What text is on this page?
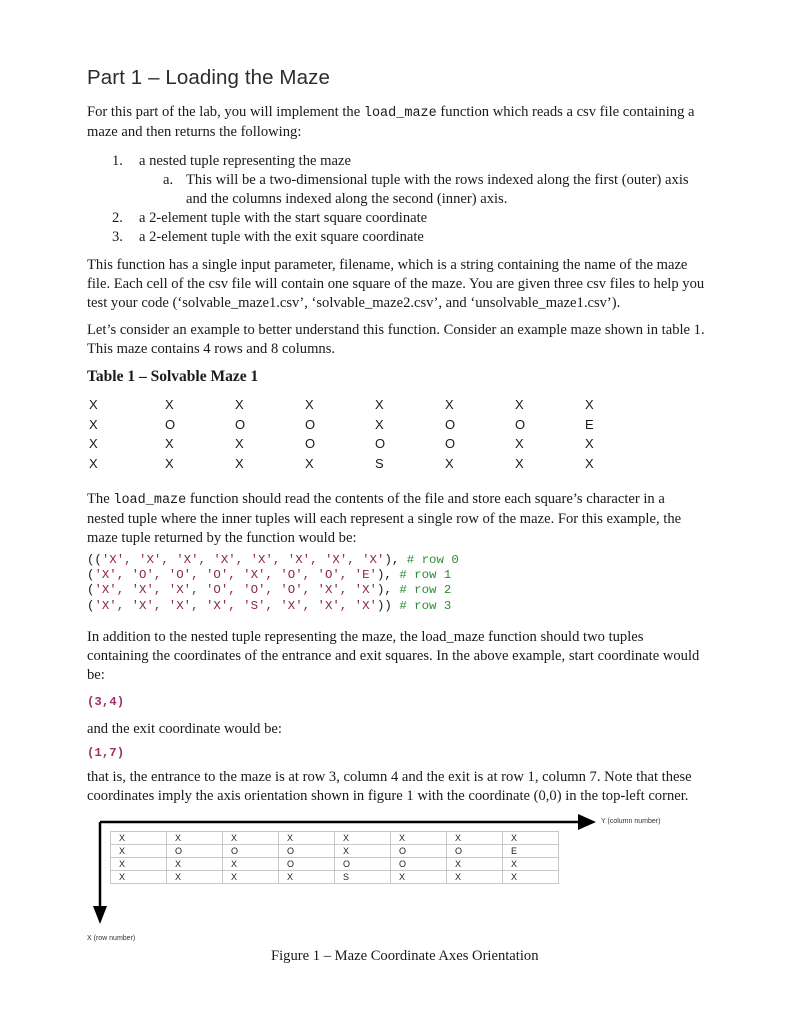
Part 1 – Loading the Maze
For this part of the lab, you will implement the load_maze function which reads a csv file containing a
maze and then returns the following:
1. a nested tuple representing the maze
a. This will be a two-dimensional tuple with the rows indexed along the first (outer) axis
and the columns indexed along the second (inner) axis.
2. a 2-element tuple with the start square coordinate
3. a 2-element tuple with the exit square coordinate
This function has a single input parameter, filename, which is a string containing the name of the maze
file. Each cell of the csv file will contain one square of the maze. You are given three csv files to help you
test your code (‘solvable_maze1.csv’, ‘solvable_maze2.csv’, and ‘unsolvable_maze1.csv’).
Let’s consider an example to better understand this function. Consider an example maze shown in table 1.
This maze contains 4 rows and 8 columns.
Table 1 – Solvable Maze 1
X	X	X	X	X	X	X	X
X	O	O	O	X	O	O	E
X	X	X	O	O	O	X	X
X	X	X	X	S	X	X	X
The load_maze function should read the contents of the file and store each square’s character in a
nested tuple where the inner tuples will each represent a single row of the maze. For this example, the
maze tuple returned by the function would be:
(('X', 'X', 'X', 'X', 'X', 'X', 'X', 'X'), # row 0
('X', 'O', 'O', 'O', 'X', 'O', 'O', 'E'), # row 1
('X', 'X', 'X', 'O', 'O', 'O', 'X', 'X'), # row 2
('X', 'X', 'X', 'X', 'S', 'X', 'X', 'X')) # row 3
In addition to the nested tuple representing the maze, the load_maze function should two tuples
containing the coordinates of the entrance and exit squares. In the above example, start coordinate would
be:
(3,4)
and the exit coordinate would be:
(1,7)
that is, the entrance to the maze is at row 3, column 4 and the exit is at row 1, column 7. Note that these
coordinates imply the axis orientation shown in figure 1 with the coordinate (0,0) in the top-left corner.
Y (column number)
X	X	X	X	X	X	X	X
X	O	O	O	X	O	O	E
X	X	X	O	O	O	X	X
X	X	X	X	S	X	X	X
X (row number)
Figure 1 – Maze Coordinate Axes Orientation
